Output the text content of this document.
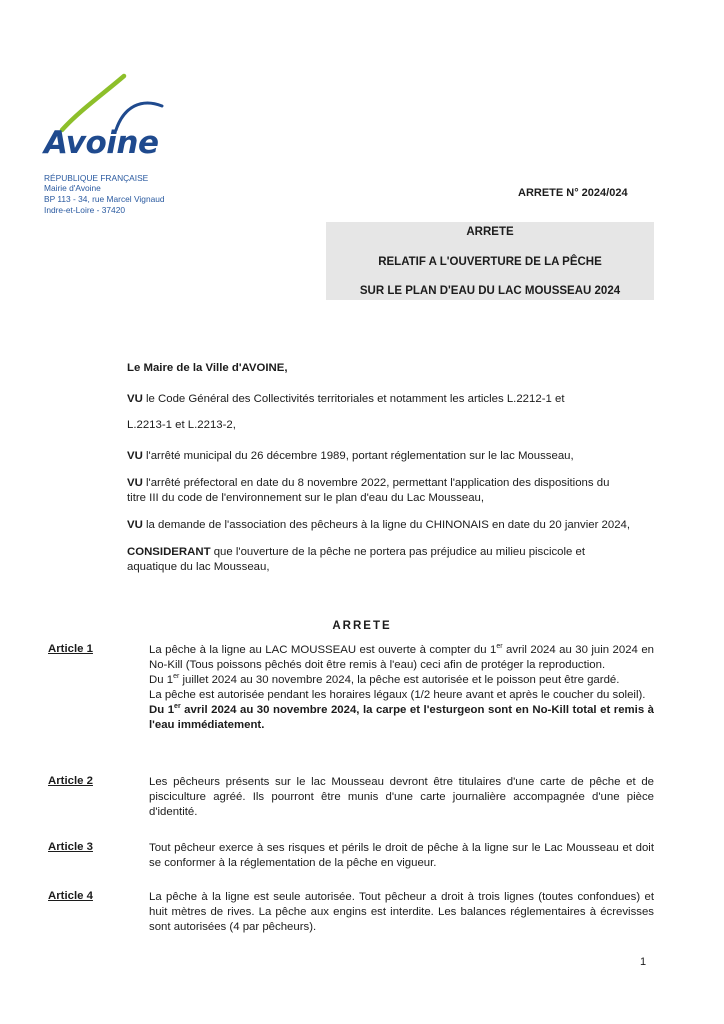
Avoine
RÉPUBLIQUE FRANÇAISE
Mairie d'Avoine
BP 113 - 34, rue Marcel Vignaud
Indre-et-Loire - 37420
ARRETE N° 2024/024
ARRETE
RELATIF A L'OUVERTURE DE LA PÊCHE
SUR LE PLAN D'EAU DU LAC MOUSSEAU 2024
Le Maire de la Ville d'AVOINE,
VU le Code Général des Collectivités territoriales et notamment les articles L.2212-1 et
L.2213-1 et L.2213-2,
VU l'arrêté municipal du 26 décembre 1989, portant réglementation sur le lac Mousseau,
VU l'arrêté préfectoral en date du 8 novembre 2022, permettant l'application des dispositions du
titre III du code de l'environnement sur le plan d'eau du Lac Mousseau,
VU la demande de l'association des pêcheurs à la ligne du CHINONAIS en date du 20 janvier 2024,
CONSIDERANT que l'ouverture de la pêche ne portera pas préjudice au milieu piscicole et
aquatique du lac Mousseau,
ARRETE
Article 1	La pêche à la ligne au LAC MOUSSEAU est ouverte à compter du 1er avril 2024 au 30 juin 2024 en No-Kill (Tous poissons pêchés doit être remis à l'eau) ceci afin de protéger la reproduction.

Du 1er juillet 2024 au 30 novembre 2024, la pêche est autorisée et le poisson peut être gardé.

La pêche est autorisée pendant les horaires légaux (1/2 heure avant et après le coucher du soleil).

Du 1er avril 2024 au 30 novembre 2024, la carpe et l'esturgeon sont en No-Kill total et remis à l'eau immédiatement.

Article 2	Les pêcheurs présents sur le lac Mousseau devront être titulaires d'une carte de pêche et de pisciculture agréé. Ils pourront être munis d'une carte journalière accompagnée d'une pièce d'identité.
Article 3	Tout pêcheur exerce à ses risques et périls le droit de pêche à la ligne sur le Lac Mousseau et doit se conformer à la réglementation de la pêche en vigueur.
Article 4	La pêche à la ligne est seule autorisée. Tout pêcheur a droit à trois lignes (toutes confondues) et huit mètres de rives. La pêche aux engins est interdite. Les balances réglementaires à écrevisses sont autorisées (4 par pêcheurs).
1
